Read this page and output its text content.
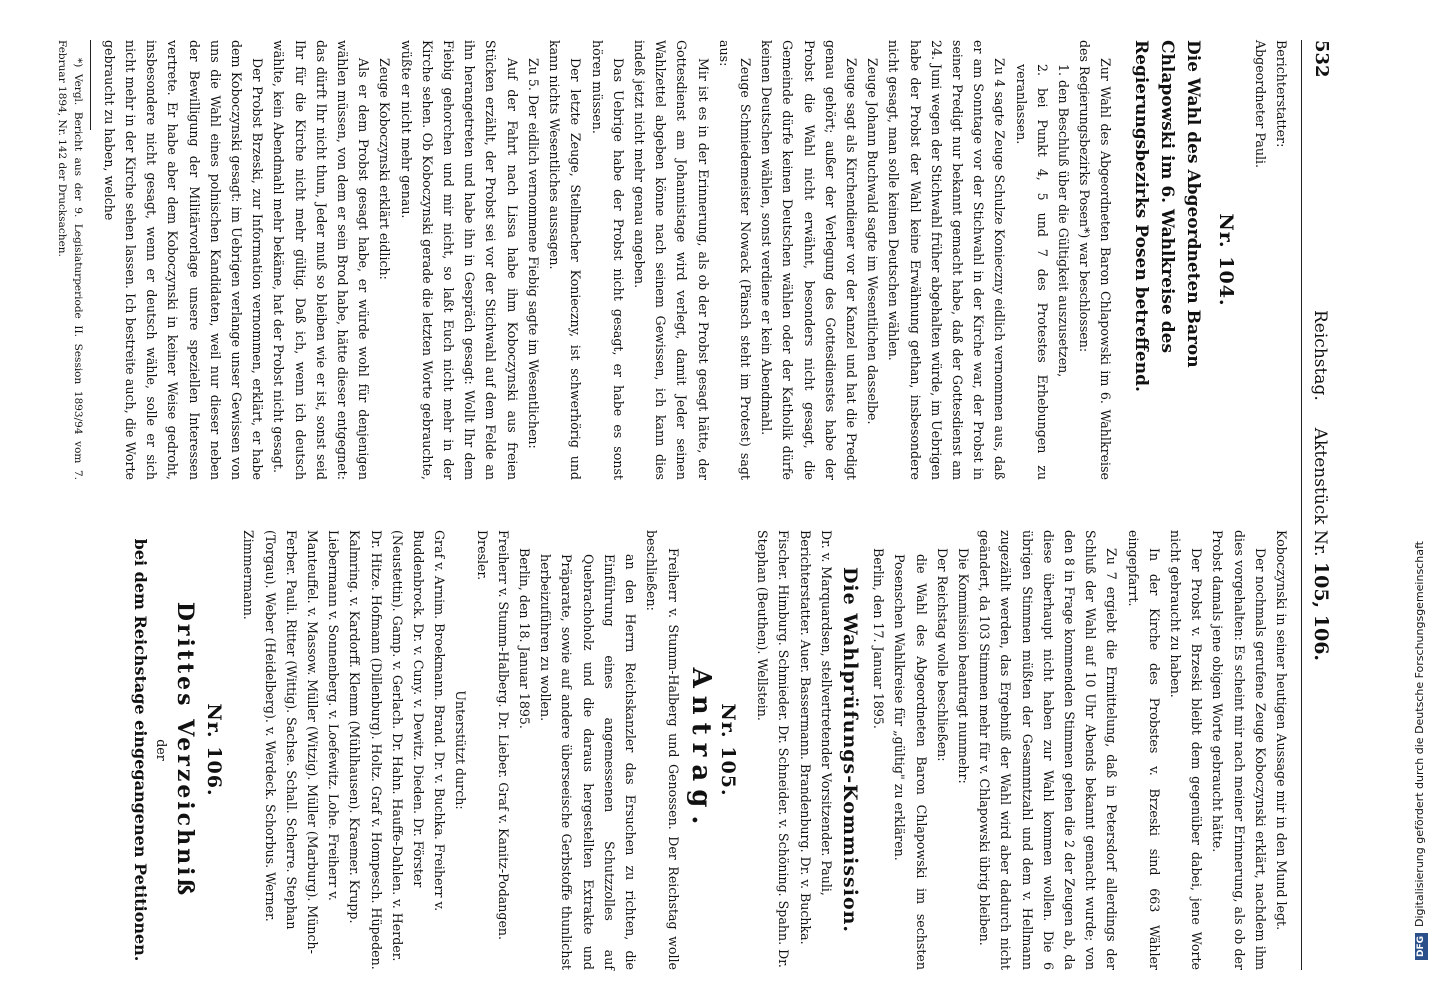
532
Reichstag.     Aktenstück Nr. 105, 106.

Berichterstatter:

Abgeordneter Pauli.

Nr. 104.

Die Wahl des Abgeordneten Baron Chlapowski im 6. Wahlkreise des Regierungsbezirks Posen betreffend.

Zur Wahl des Abgeordneten Baron Chlapowski im 6. Wahlkreise des Regierungsbezirks Posen*) war beschlossen:

1. den Beschluß über die Gültigkeit auszusetzen,

2. bei Punkt 4, 5 und 7 des Protestes Erhebungen zu veranlassen.

Zu 4 sagte Zeuge Schulze Konieczny eidlich vernommen aus, daß er am Sonntage vor der Stichwahl in der Kirche war, der Probst in seiner Predigt nur bekannt gemacht habe, daß der Gottesdienst am 24. Juni wegen der Stichwahl früher abgehalten würde, im Uebrigen habe der Probst der Wahl keine Erwähnung gethan, insbesondere nicht gesagt, man solle keinen Deutschen wählen.

Zeuge Johann Buchwald sagte im Wesentlichen dasselbe.

Zeuge sagt als Kirchendiener vor der Kanzel und hat die Predigt genau gehört; außer der Verlegung des Gottesdienstes habe der Probst die Wahl nicht erwähnt, besonders nicht gesagt, die Gemeinde dürfe keinen Deutschen wählen oder der Katholik dürfe keinen Deutschen wählen, sonst verdiene er kein Abendmahl.

Zeuge Schmiedemeister Nowack (Pänsch steht im Protest) sagt aus:

Mir ist es in der Erinnerung, als ob der Probst gesagt hätte, der Gottesdienst am Johannistage wird verlegt, damit Jeder seinen Wahlzettel abgeben könne nach seinem Gewissen, ich kann dies indeß jetzt nicht mehr genau angeben.

Das Uebrige habe der Probst nicht gesagt, er habe es sonst hören müssen.

Der letzte Zeuge, Stellmacher Konieczny, ist schwerhörig und kann nichts Wesentliches aussagen.

Zu 5. Der eidlich vernommene Fiebig sagte im Wesentlichen:

Auf der Fahrt nach Lissa habe ihm Koboczynski aus freien Stücken erzählt, der Probst sei vor der Stichwahl auf dem Felde an ihn herangetreten und habe ihn in Gespräch gesagt: Wollt Ihr dem Fiebig gehorchen und mir nicht, so laßt Euch nicht mehr in der Kirche sehen. Ob Koboczynski gerade die letzten Worte gebrauchte, wüßte er nicht mehr genau.

Zeuge Koboczynski erklärt eidlich:

Als er dem Probst gesagt habe, er würde wohl für denjenigen wählen müssen, von dem er sein Brod habe, hätte dieser entgegnet: das dürft Ihr nicht thun, Jeder muß so bleiben wie er ist, sonst seid Ihr für die Kirche nicht mehr gültig. Daß ich, wenn ich deutsch wählte, kein Abendmahl mehr bekäme, hat der Probst nicht gesagt.

Der Probst Brzeski, zur Information vernommen, erklärt, er habe dem Koboczynski gesagt: im Uebrigen verlange unser Gewissen von uns die Wahl eines polnischen Kandidaten, weil nur dieser neben der Bewilligung der Militärvorlage unsere speziellen Interessen vertrete. Er habe aber dem Koboczynski in keiner Weise gedroht, insbesondere nicht gesagt, wenn er deutsch wähle, solle er sich nicht mehr in der Kirche sehen lassen. Ich bestreite auch, die Worte gebraucht zu haben, welche

*) Vergl. Bericht aus der 9. Legislaturperiode II. Session 1893/94 vom 7. Februar 1894, Nr. 142 der Drucksachen.

Koboczynski in seiner heutigen Aussage mir in den Mund legt.

Der nochmals gerufene Zeuge Koboczynski erklärt, nachdem ihm dies vorgehalten: Es scheint mir nach meiner Erinnerung, als ob der Probst damals jene obigen Worte gebraucht hätte.

Der Probst v. Brzeski bleibt dem gegenüber dabei, jene Worte nicht gebraucht zu haben.

In der Kirche des Probstes v. Brzeski sind 663 Wähler eingepfarrt.

Zu 7 ergiebt die Ermittelung, daß in Petersdorf allerdings der Schluß der Wahl auf 10 Uhr Abends bekannt gemacht wurde; von den 8 in Frage kommenden Stimmen gehen die 2 der Zeugen ab, da diese überhaupt nicht haben zur Wahl kommen wollen. Die 6 übrigen Stimmen müßten der Gesammtzahl und dem v. Hellmann zugezählt werden, das Ergebniß der Wahl wird aber dadurch nicht geändert, da 103 Stimmen mehr für v. Chlapowski übrig bleiben.

Die Kommission beantragt nunmehr:

Der Reichstag wolle beschließen:

die Wahl des Abgeordneten Baron Chlapowski im sechsten Posenschen Wahlkreise für „gültig" zu erklären.

Berlin, den 17. Januar 1895.

Die Wahlprüfungs-Kommission.

Dr. v. Marquardsen, stellvertretender Vorsitzender. Pauli, Berichterstatter. Auer. Bassermann. Brandenburg. Dr. v. Buchka. Fischer. Himburg. Schmieder. Dr. Schneider. v. Schöning. Spahn. Dr. Stephan (Beuthen). Wellstein.

Nr. 105.

Antrag.

Freiherr v. Stumm-Halberg und Genossen. Der Reichstag wolle beschließen:

an den Herrn Reichskanzler das Ersuchen zu richten, die Einführung eines angemessenen Schutzzolles auf Quebrachoholz und die daraus hergestellten Extrakte und Präparate, sowie auf andere überseeische Gerbstoffe thunlichst herbeizuführen zu wollen.

Berlin, den 18. Januar 1895.

Freiherr v. Stumm-Halberg. Dr. Lieber. Graf v. Kanitz-Podangen. Dresler.

Unterstützt durch:

Graf v. Arnim. Broekmann. Brand. Dr. v. Buchka. Freiherr v. Buddenbrock. Dr. v. Cuny. v. Dewitz. Dieden. Dr. Förster (Neustettin). Gamp. v. Gerlach. Dr. Hahn. Hauffe-Dahlen. v. Herder. Dr. Hitze. Hofmann (Dillenburg). Holtz. Graf v. Hompesch. Hüpeden. Kalmring. v. Kardorff. Klemm (Mühlhausen). Kraemer. Krupp. Liebermann v. Sonnenberg. v. Loefewitz. Lohe. Freiherr v. Manteuffel. v. Massow. Müller (Witzig). Müller (Marburg). Münch-Ferber. Pauli. Ritter (Wittig). Sachse. Schall. Scherre. Stephan (Torgau). Weber (Heidelberg). v. Werdeck. Schorbus. Werner. Zimmermann.

Nr. 106.

Drittes Verzeichniß

der

bei dem Reichstage eingegangenen Petitionen.	DFGDigitalisierung gefördert durch die Deutsche Forschungsgemeinschaft
